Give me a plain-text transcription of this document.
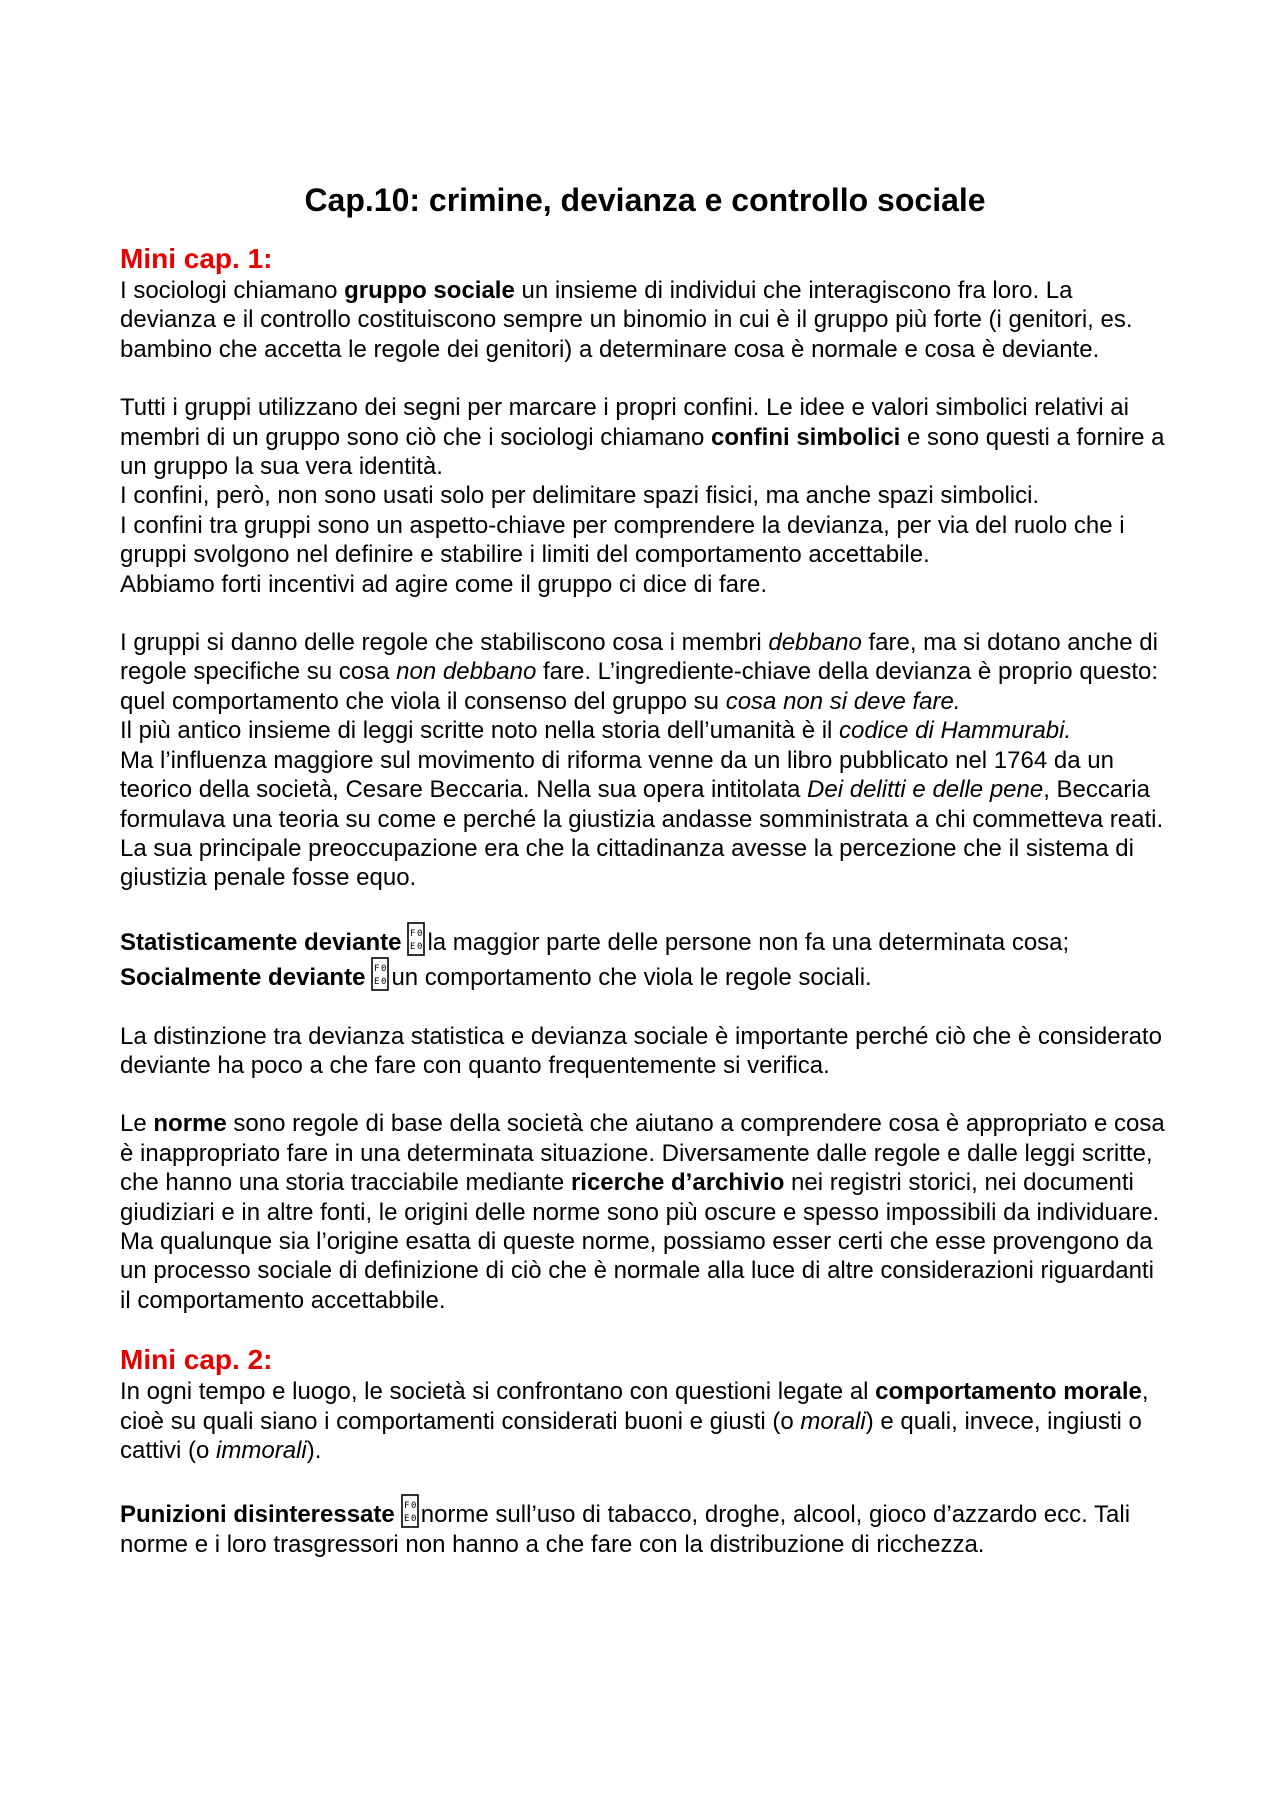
Cap.10: crimine, devianza e controllo sociale
Mini cap. 1:

I sociologi chiamano gruppo sociale un insieme di individui che interagiscono fra loro. La devianza e il controllo costituiscono sempre un binomio in cui è il gruppo più forte (i genitori, es. bambino che accetta le regole dei genitori) a determinare cosa è normale e cosa è deviante.

Tutti i gruppi utilizzano dei segni per marcare i propri confini. Le idee e valori simbolici relativi ai membri di un gruppo sono ciò che i sociologi chiamano confini simbolici e sono questi a fornire a un gruppo la sua vera identità.

I confini, però, non sono usati solo per delimitare spazi fisici, ma anche spazi simbolici.

I confini tra gruppi sono un aspetto-chiave per comprendere la devianza, per via del ruolo che i gruppi svolgono nel definire e stabilire i limiti del comportamento accettabile.

Abbiamo forti incentivi ad agire come il gruppo ci dice di fare.

I gruppi si danno delle regole che stabiliscono cosa i membri debbano fare, ma si dotano anche di regole specifiche su cosa non debbano fare. L’ingrediente-chiave della devianza è proprio questo: quel comportamento che viola il consenso del gruppo su cosa non si deve fare.

Il più antico insieme di leggi scritte noto nella storia dell’umanità è il codice di Hammurabi.

Ma l’influenza maggiore sul movimento di riforma venne da un libro pubblicato nel 1764 da un teorico della società, Cesare Beccaria. Nella sua opera intitolata Dei delitti e delle pene, Beccaria formulava una teoria su come e perché la giustizia andasse somministrata a chi commetteva reati. La sua principale preoccupazione era che la cittadinanza avesse la percezione che il sistema di giustizia penale fosse equo.

Statisticamente deviante F 0
E 0 la maggior parte delle persone non fa una determinata cosa;

Socialmente deviante F 0
E 0 un comportamento che viola le regole sociali.

La distinzione tra devianza statistica e devianza sociale è importante perché ciò che è considerato deviante ha poco a che fare con quanto frequentemente si verifica.

Le norme sono regole di base della società che aiutano a comprendere cosa è appropriato e cosa è inappropriato fare in una determinata situazione. Diversamente dalle regole e dalle leggi scritte, che hanno una storia tracciabile mediante ricerche d’archivio nei registri storici, nei documenti giudiziari e in altre fonti, le origini delle norme sono più oscure e spesso impossibili da individuare.

Ma qualunque sia l’origine esatta di queste norme, possiamo esser certi che esse provengono da un processo sociale di definizione di ciò che è normale alla luce di altre considerazioni riguardanti il comportamento accettabbile.

Mini cap. 2:

In ogni tempo e luogo, le società si confrontano con questioni legate al comportamento morale, cioè su quali siano i comportamenti considerati buoni e giusti (o morali) e quali, invece, ingiusti o cattivi (o immorali).

Punizioni disinteressate F 0
E 0 norme sull’uso di tabacco, droghe, alcool, gioco d’azzardo ecc. Tali norme e i loro trasgressori non hanno a che fare con la distribuzione di ricchezza.
